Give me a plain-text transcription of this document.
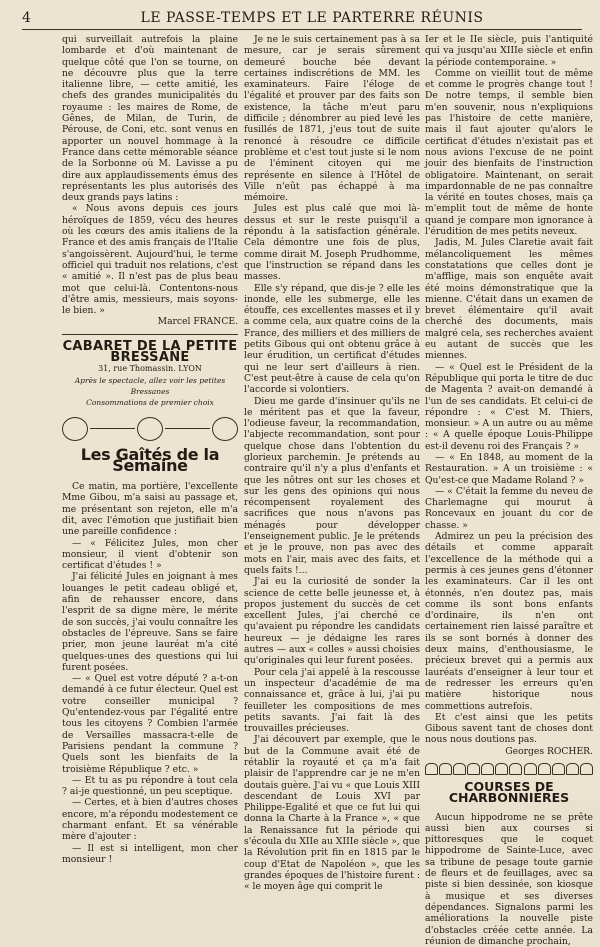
4	LE PASSE-TEMPS ET LE PARTERRE RÉUNIS

qui surveillait autrefois la plaine lombarde et d'où maintenant de quelque côté que l'on se tourne, on ne découvre plus que la terre italienne libre, — cette amitié, les chefs des grandes municipalités du royaume : les maires de Rome, de Gênes, de Milan, de Turin, de Pérouse, de Coni, etc. sont venus en apporter un nouvel hommage à la France dans cette mémorable séance de la Sorbonne où M. Lavisse a pu dire aux applaudissements émus des représentants les plus autorisés des deux grands pays latins :

« Nous avons depuis ces jours héroïques de 1859, vécu des heures où les cœurs des amis italiens de la France et des amis français de l'Italie s'angoissèrent. Aujourd'hui, le terme officiel qui traduit nos relations, c'est « amitié ». Il n'est pas de plus beau mot que celui-là. Contentons-nous d'être amis, messieurs, mais soyons-le bien. »

Marcel FRANCE.

CABARET DE LA PETITE BRESSANE
31, rue Thomassin. LYON
Après le spectacle, allez voir les petites Bressanes
Consommations de premier choix
Les Gaîtés de la Semaine

Ce matin, ma portière, l'excellente Mme Gibou, m'a saisi au passage et, me présentant son rejeton, elle m'a dit, avec l'émotion que justifiait bien une pareille confidence :

— « Félicitez Jules, mon cher monsieur, il vient d'obtenir son certificat d'études ! »

J'ai félicité Jules en joignant à mes louanges le petit cadeau obligé et, afin de rehausser encore, dans l'esprit de sa digne mère, le mérite de son succès, j'ai voulu connaître les obstacles de l'épreuve. Sans se faire prier, mon jeune lauréat m'a cité quelques-unes des questions qui lui furent posées.

— « Quel est votre député ? a-t-on demandé à ce futur électeur. Quel est votre conseiller municipal ? Qu'entendez-vous par l'égalité entre tous les citoyens ? Combien l'armée de Versailles massacra-t-elle de Parisiens pendant la commune ? Quels sont les bienfaits de la troisième République ? etc. »

— Et tu as pu répondre à tout cela ? ai-je questionné, un peu sceptique.

— Certes, et à bien d'autres choses encore, m'a répondu modestement ce charmant enfant. Et sa vénérable mère d'ajouter :

— Il est si intelligent, mon cher monsieur !

Je ne le suis certainement pas à sa mesure, car je serais sûrement demeuré bouche bée devant certaines indiscrétions de MM. les examinateurs. Faire l'éloge de l'égalité et prouver par des faits son existence, la tâche m'eut paru difficile ; dénombrer au pied levé les fusillés de 1871, j'eus tout de suite renoncé à résoudre ce difficile problème et c'est tout juste si le nom de l'éminent citoyen qui me représente en silence à l'Hôtel de Ville n'eût pas échappé à ma mémoire.

Jules est plus calé que moi là-dessus et sur le reste puisqu'il a répondu à la satisfaction générale. Cela démontre une fois de plus, comme dirait M. Joseph Prudhomme, que l'instruction se répand dans les masses.

Elle s'y répand, que dis-je ? elle les inonde, elle les submerge, elle les étouffe, ces excellentes masses et il y a comme cela, aux quatre coins de la France, des milliers et des milliers de petits Gibous qui ont obtenu grâce à leur érudition, un certificat d'études qui ne leur sert d'ailleurs à rien. C'est peut-être à cause de cela qu'on l'accorde si volontiers.

Dieu me garde d'insinuer qu'ils ne le méritent pas et que la faveur, l'odieuse faveur, la recommandation, l'abjecte recommandation, sont pour quelque chose dans l'obtention du glorieux parchemin. Je prétends au contraire qu'il n'y a plus d'enfants et que les nôtres ont sur les choses et sur les gens des opinions qui nous récompensent royalement des sacrifices que nous n'avons pas ménagés pour développer l'enseignement public. Je le prétends et je le prouve, non pas avec des mots en l'air, mais avec des faits, et quels faits !...

J'ai eu la curiosité de sonder la science de cette belle jeunesse et, à propos justement du succès de cet excellent Jules, j'ai cherché ce qu'avaient pu répondre les candidats heureux — je dédaigne les rares autres — aux « colles » aussi choisies qu'originales qui leur furent posées.

Pour cela j'ai appelé à la rescousse un inspecteur d'académie de ma connaissance et, grâce à lui, j'ai pu feuilleter les compositions de mes petits savants. J'ai fait là des trouvailles précieuses.

J'ai découvert par exemple, que le but de la Commune avait été de rétablir la royauté et ça m'a fait plaisir de l'apprendre car je ne m'en doutais guère. J'ai vu « que Louis XIII descendant de Louis XVI par Philippe-Egalité et que ce fut lui qui donna la Charte à la France », « que la Renaissance fut la période qui s'écoula du XIIe au XIIIe siècle », que la Révolution prit fin en 1815 par le coup d'Etat de Napoléon », que les grandes époques de l'histoire furent : « le moyen âge qui comprit le

Ier et le IIe siècle, puis l'antiquité qui va jusqu'au XIIIe siècle et enfin la période contemporaine. »

Comme on vieillit tout de même et comme le progrès change tout ! De notre temps, il semble bien m'en souvenir, nous n'expliquions pas l'histoire de cette manière, mais il faut ajouter qu'alors le certificat d'études n'existait pas et nous avions l'excuse de ne point jouir des bienfaits de l'instruction obligatoire. Maintenant, on serait impardonnable de ne pas connaître la vérité en toutes choses, mais ça m'emplit tout de même de honte quand je compare mon ignorance à l'érudition de mes petits neveux.

Jadis, M. Jules Claretie avait fait mélancoliquement les mêmes constatations que celles dont je m'afflige, mais son enquête avait été moins démonstratique que la mienne. C'était dans un examen de brevet élémentaire qu'il avait cherché des documents, mais malgré cela, ses recherches avaient eu autant de succès que les miennes.

— « Quel est le Président de la République qui porta le titre de duc de Magenta ? avait-on demandé à l'un de ses candidats. Et celui-ci de répondre : « C'est M. Thiers, monsieur. » A un autre ou au même : « A quelle époque Louis-Philippe est-il devenu roi des Français ? »

— « En 1848, au moment de la Restauration. » A un troisième : « Qu'est-ce que Madame Roland ? »

— « C'était la femme du neveu de Charlemagne qui mourut à Roncevaux en jouant du cor de chasse. »

Admirez un peu la précision des détails et comme apparaît l'excellence de la méthode qui a permis à ces jeunes gens d'étonner les examinateurs. Car il les ont étonnés, n'en doutez pas, mais comme ils sont bons enfants d'ordinaire, ils n'en ont certainement rien laissé paraître et ils se sont bornés à donner des deux mains, d'enthousiasme, le précieux brevet qui a permis aux lauréats d'enseigner à leur tour et de redresser les erreurs qu'en matière historique nous commettions autrefois.

Et c'est ainsi que les petits Gibous savent tant de choses dont nous nous doutions pas.

Georges ROCHER.

COURSES DE CHARBONNIÈRES

Aucun hippodrome ne se prête aussi bien aux courses si pittoresques que le coquet hippodrome de Sainte-Luce, avec sa tribune de pesage toute garnie de fleurs et de feuillages, avec sa piste si bien dessinée, son kiosque à musique et ses diverses dépendances. Signalons parmi les améliorations la nouvelle piste d'obstacles créée cette année. La réunion de dimanche prochain,
